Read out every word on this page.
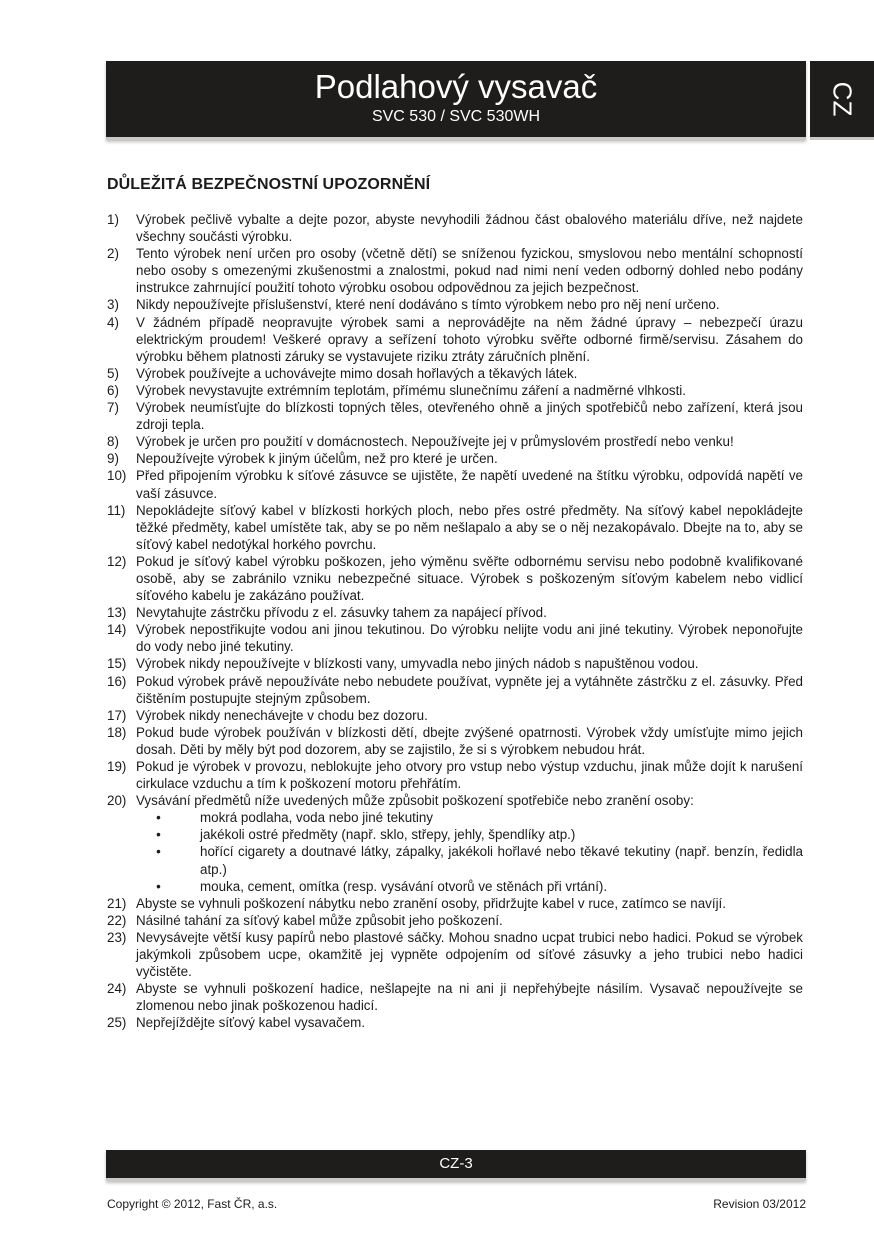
Podlahový vysavač
SVC 530 / SVC 530WH
CZ
DŮLEŽITÁ BEZPEČNOSTNÍ UPOZORNĚNÍ
1)	Výrobek pečlivě vybalte a dejte pozor, abyste nevyhodili žádnou část obalového materiálu dříve, než najdete všechny součásti výrobku.
2)	Tento výrobek není určen pro osoby (včetně dětí) se sníženou fyzickou, smyslovou nebo mentální schopností nebo osoby s omezenými zkušenostmi a znalostmi, pokud nad nimi není veden odborný dohled nebo podány instrukce zahrnující použití tohoto výrobku osobou odpovědnou za jejich bezpečnost.
3)	Nikdy nepoužívejte příslušenství, které není dodáváno s tímto výrobkem nebo pro něj není určeno.
4)	V žádném případě neopravujte výrobek sami a neprovádějte na něm žádné úpravy – nebezpečí úrazu elektrickým proudem! Veškeré opravy a seřízení tohoto výrobku svěřte odborné firmě/servisu. Zásahem do výrobku během platnosti záruky se vystavujete riziku ztráty záručních plnění.
5)	Výrobek používejte a uchovávejte mimo dosah hořlavých a těkavých látek.
6)	Výrobek nevystavujte extrémním teplotám, přímému slunečnímu záření a nadměrné vlhkosti.
7)	Výrobek neumísťujte do blízkosti topných těles, otevřeného ohně a jiných spotřebičů nebo zařízení, která jsou zdroji tepla.
8)	Výrobek je určen pro použití v domácnostech. Nepoužívejte jej v průmyslovém prostředí nebo venku!
9)	Nepoužívejte výrobek k jiným účelům, než pro které je určen.
10) Před připojením výrobku k síťové zásuvce se ujistěte, že napětí uvedené na štítku výrobku, odpovídá napětí ve vaší zásuvce.
11) Nepokládejte síťový kabel v blízkosti horkých ploch, nebo přes ostré předměty. Na síťový kabel nepokládejte těžké předměty, kabel umístěte tak, aby se po něm nešlapalo a aby se o něj nezakopávalo. Dbejte na to, aby se síťový kabel nedotýkal horkého povrchu.
12) Pokud je síťový kabel výrobku poškozen, jeho výměnu svěřte odbornému servisu nebo podobně kvalifikované osobě, aby se zabránilo vzniku nebezpečné situace. Výrobek s poškozeným síťovým kabelem nebo vidlicí síťového kabelu je zakázáno používat.
13) Nevytahujte zástrčku přívodu z el. zásuvky tahem za napájecí přívod.
14) Výrobek nepostřikujte vodou ani jinou tekutinou. Do výrobku nelijte vodu ani jiné tekutiny. Výrobek neponořujte do vody nebo jiné tekutiny.
15) Výrobek nikdy nepoužívejte v blízkosti vany, umyvadla nebo jiných nádob s napuštěnou vodou.
16) Pokud výrobek právě nepoužíváte nebo nebudete používat, vypněte jej a vytáhněte zástrčku z el. zásuvky. Před čištěním postupujte stejným způsobem.
17) Výrobek nikdy nenechávejte v chodu bez dozoru.
18) Pokud bude výrobek používán v blízkosti dětí, dbejte zvýšené opatrnosti. Výrobek vždy umísťujte mimo jejich dosah. Děti by měly být pod dozorem, aby se zajistilo, že si s výrobkem nebudou hrát.
19) Pokud je výrobek v provozu, neblokujte jeho otvory pro vstup nebo výstup vzduchu, jinak může dojít k narušení cirkulace vzduchu a tím k poškození motoru přehřátím.
20) Vysávání předmětů níže uvedených může způsobit poškození spotřebiče nebo zranění osoby:
•	mokrá podlaha, voda nebo jiné tekutiny
•	jakékoli ostré předměty (např. sklo, střepy, jehly, špendlíky atp.)
•	hořící cigarety a doutnavé látky, zápalky, jakékoli hořlavé nebo těkavé tekutiny (např. benzín, ředidla atp.)
•	mouka, cement, omítka (resp. vysávání otvorů ve stěnách při vrtání).
21) Abyste se vyhnuli poškození nábytku nebo zranění osoby, přidržujte kabel v ruce, zatímco se navíjí.
22) Násilné tahání za síťový kabel může způsobit jeho poškození.
23) Nevysávejte větší kusy papírů nebo plastové sáčky. Mohou snadno ucpat trubici nebo hadici. Pokud se výrobek jakýmkoli způsobem ucpe, okamžitě jej vypněte odpojením od síťové zásuvky a jeho trubici nebo hadici vyčistěte.
24) Abyste se vyhnuli poškození hadice, nešlapejte na ni ani ji nepřehýbejte násilím. Vysavač nepoužívejte se zlomenou nebo jinak poškozenou hadicí.
25) Nepřejíždějte síťový kabel vysavačem.
CZ-3
Copyright © 2012, Fast ČR, a.s.	Revision 03/2012
